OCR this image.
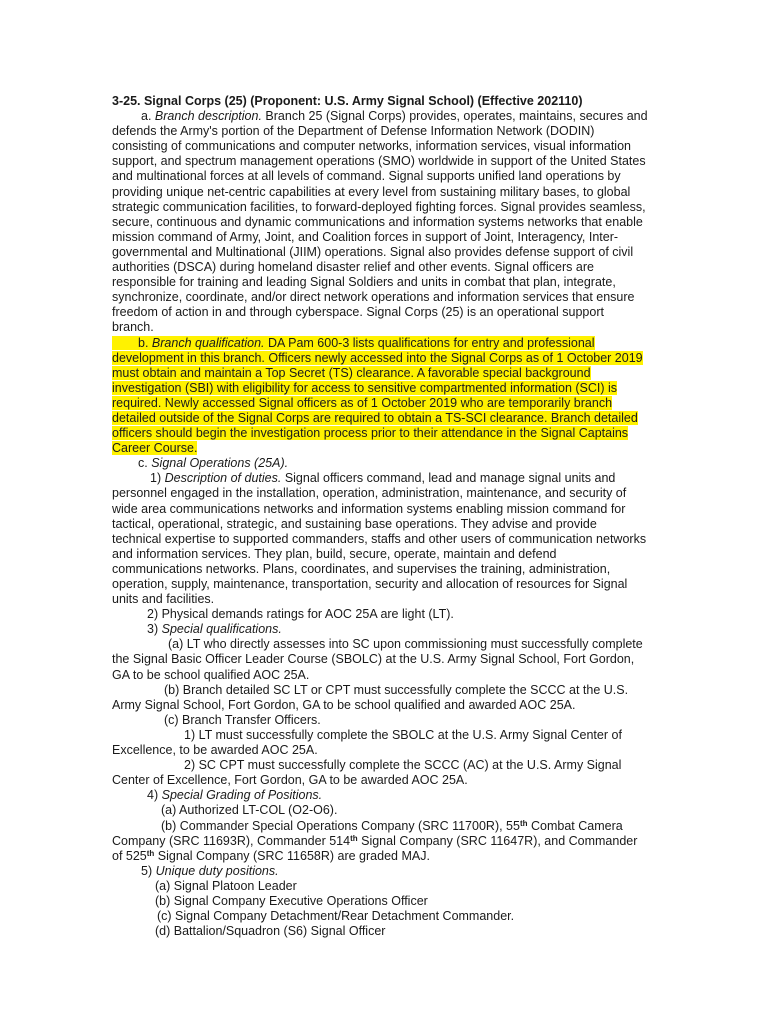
3-25. Signal Corps (25) (Proponent: U.S. Army Signal School) (Effective 202110)
a. Branch description. Branch 25 (Signal Corps) provides, operates, maintains, secures and
defends the Army's portion of the Department of Defense Information Network (DODIN)
consisting of communications and computer networks, information services, visual information
support, and spectrum management operations (SMO) worldwide in support of the United States
and multinational forces at all levels of command. Signal supports unified land operations by
providing unique net-centric capabilities at every level from sustaining military bases, to global
strategic communication facilities, to forward-deployed fighting forces. Signal provides seamless,
secure, continuous and dynamic communications and information systems networks that enable
mission command of Army, Joint, and Coalition forces in support of Joint, Interagency, Inter-
governmental and Multinational (JIIM) operations. Signal also provides defense support of civil
authorities (DSCA) during homeland disaster relief and other events. Signal officers are
responsible for training and leading Signal Soldiers and units in combat that plan, integrate,
synchronize, coordinate, and/or direct network operations and information services that ensure
freedom of action in and through cyberspace. Signal Corps (25) is an operational support
branch.
b. Branch qualification. DA Pam 600-3 lists qualifications for entry and professional
development in this branch. Officers newly accessed into the Signal Corps as of 1 October 2019
must obtain and maintain a Top Secret (TS) clearance. A favorable special background
investigation (SBI) with eligibility for access to sensitive compartmented information (SCI) is
required. Newly accessed Signal officers as of 1 October 2019 who are temporarily branch
detailed outside of the Signal Corps are required to obtain a TS-SCI clearance. Branch detailed
officers should begin the investigation process prior to their attendance in the Signal Captains
Career Course.
c. Signal Operations (25A).
1) Description of duties. Signal officers command, lead and manage signal units and
personnel engaged in the installation, operation, administration, maintenance, and security of
wide area communications networks and information systems enabling mission command for
tactical, operational, strategic, and sustaining base operations. They advise and provide
technical expertise to supported commanders, staffs and other users of communication networks
and information services. They plan, build, secure, operate, maintain and defend
communications networks. Plans, coordinates, and supervises the training, administration,
operation, supply, maintenance, transportation, security and allocation of resources for Signal
units and facilities.
2) Physical demands ratings for AOC 25A are light (LT).
3) Special qualifications.
(a) LT who directly assesses into SC upon commissioning must successfully complete
the Signal Basic Officer Leader Course (SBOLC) at the U.S. Army Signal School, Fort Gordon,
GA to be school qualified AOC 25A.
(b) Branch detailed SC LT or CPT must successfully complete the SCCC at the U.S.
Army Signal School, Fort Gordon, GA to be school qualified and awarded AOC 25A.
(c) Branch Transfer Officers.
1) LT must successfully complete the SBOLC at the U.S. Army Signal Center of
Excellence, to be awarded AOC 25A.
2) SC CPT must successfully complete the SCCC (AC) at the U.S. Army Signal
Center of Excellence, Fort Gordon, GA to be awarded AOC 25A.
4) Special Grading of Positions.
(a) Authorized LT-COL (O2-O6).
(b) Commander Special Operations Company (SRC 11700R), 55th Combat Camera
Company (SRC 11693R), Commander 514th Signal Company (SRC 11647R), and Commander
of 525th Signal Company (SRC 11658R) are graded MAJ.
5) Unique duty positions.
(a) Signal Platoon Leader
(b) Signal Company Executive Operations Officer
(c) Signal Company Detachment/Rear Detachment Commander.
(d) Battalion/Squadron (S6) Signal Officer
